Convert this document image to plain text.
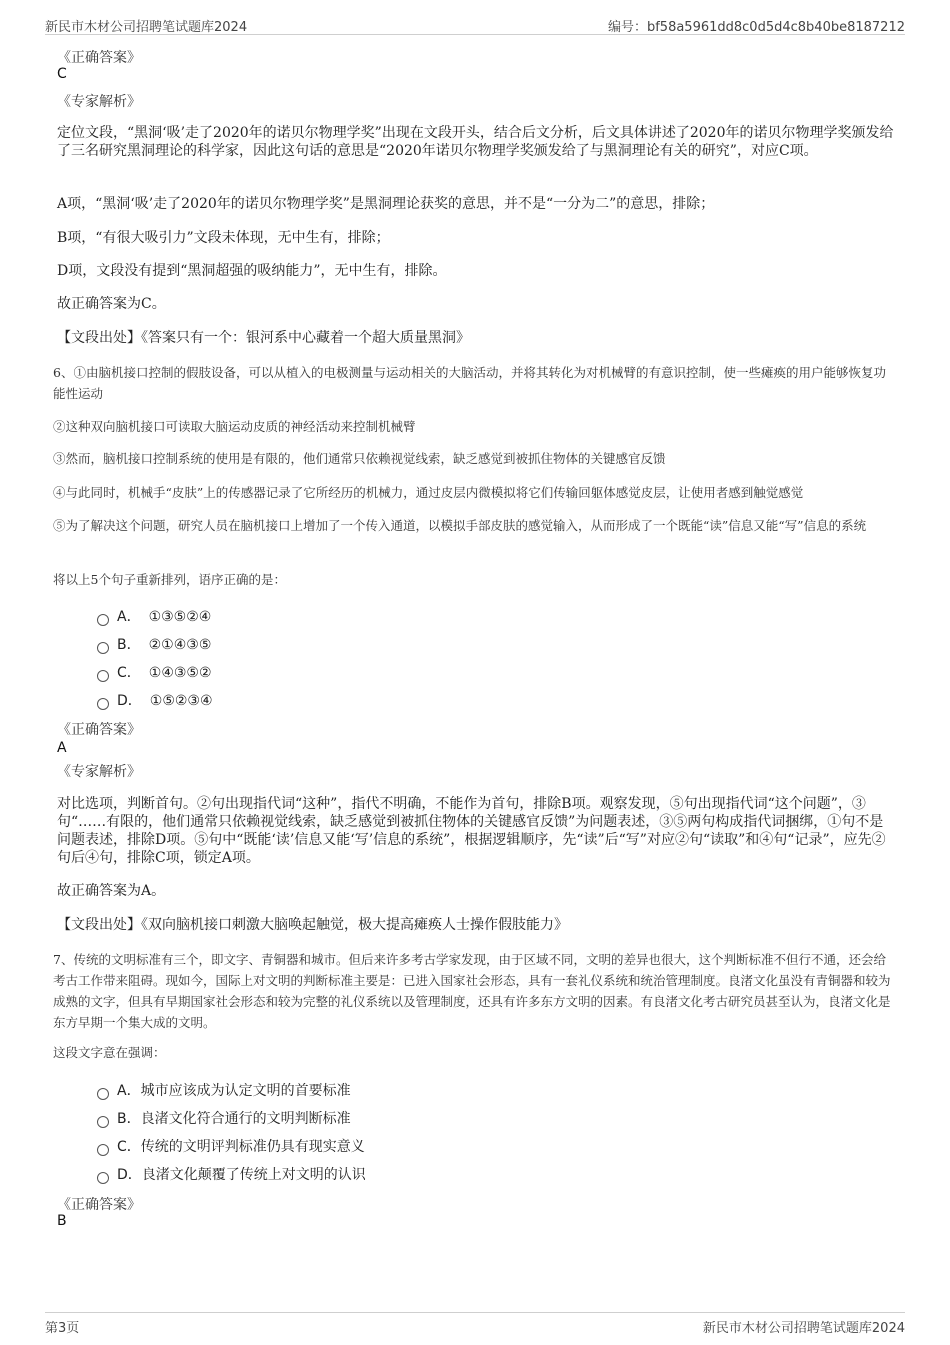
新民市木材公司招聘笔试题库2024	编号：bf58a5961dd8c0d5d4c8b40be8187212
《正确答案》
C
《专家解析》
定位文段，“黑洞‘吸’走了2020年的诺贝尔物理学奖”出现在文段开头，结合后文分析，后文具体讲述了2020年的诺贝尔物理学奖颁发给了三名研究黑洞理论的科学家，因此这句话的意思是“2020年诺贝尔物理学奖颁发给了与黑洞理论有关的研究”，对应C项。
A项，“黑洞‘吸’走了2020年的诺贝尔物理学奖”是黑洞理论获奖的意思，并不是“一分为二”的意思，排除；
B项，“有很大吸引力”文段未体现，无中生有，排除；
D项，文段没有提到“黑洞超强的吸纳能力”，无中生有，排除。
故正确答案为C。
【文段出处】《答案只有一个：银河系中心藏着一个超大质量黑洞》
6、①由脑机接口控制的假肢设备，可以从植入的电极测量与运动相关的大脑活动，并将其转化为对机械臂的有意识控制，使一些瘫痪的用户能够恢复功能性运动
②这种双向脑机接口可读取大脑运动皮质的神经活动来控制机械臂
③然而，脑机接口控制系统的使用是有限的，他们通常只依赖视觉线索，缺乏感觉到被抓住物体的关键感官反馈
④与此同时，机械手“皮肤”上的传感器记录了它所经历的机械力，通过皮层内微模拟将它们传输回躯体感觉皮层，让使用者感到触觉感觉
⑤为了解决这个问题，研究人员在脑机接口上增加了一个传入通道，以模拟手部皮肤的感觉输入，从而形成了一个既能“读”信息又能“写”信息的系统
将以上5个句子重新排列，语序正确的是：
A． ①③⑤②④
B． ②①④③⑤
C． ①④③⑤②
D． ①⑤②③④
《正确答案》
A
《专家解析》
对比选项，判断首句。②句出现指代词“这种”，指代不明确，不能作为首句，排除B项。观察发现，⑤句出现指代词“这个问题”，③句“……有限的，他们通常只依赖视觉线索，缺乏感觉到被抓住物体的关键感官反馈”为问题表述，③⑤两句构成指代词捆绑，①句不是问题表述，排除D项。⑤句中“既能‘读’信息又能‘写’信息的系统”，根据逻辑顺序，先“读”后“写”对应②句“读取”和④句“记录”，应先②句后④句，排除C项，锁定A项。
故正确答案为A。
【文段出处】《双向脑机接口刺激大脑唤起触觉，极大提高瘫痪人士操作假肢能力》
7、传统的文明标准有三个，即文字、青铜器和城市。但后来许多考古学家发现，由于区域不同，文明的差异也很大，这个判断标准不但行不通，还会给考古工作带来阻碍。现如今，国际上对文明的判断标准主要是：已进入国家社会形态，具有一套礼仪系统和统治管理制度。良渚文化虽没有青铜器和较为成熟的文字，但具有早期国家社会形态和较为完整的礼仪系统以及管理制度，还具有许多东方文明的因素。有良渚文化考古研究员甚至认为，良渚文化是东方早期一个集大成的文明。
这段文字意在强调：
A．城市应该成为认定文明的首要标准
B．良渚文化符合通行的文明判断标准
C．传统的文明评判标准仍具有现实意义
D．良渚文化颠覆了传统上对文明的认识
《正确答案》
B
第3页	新民市木材公司招聘笔试题库2024
